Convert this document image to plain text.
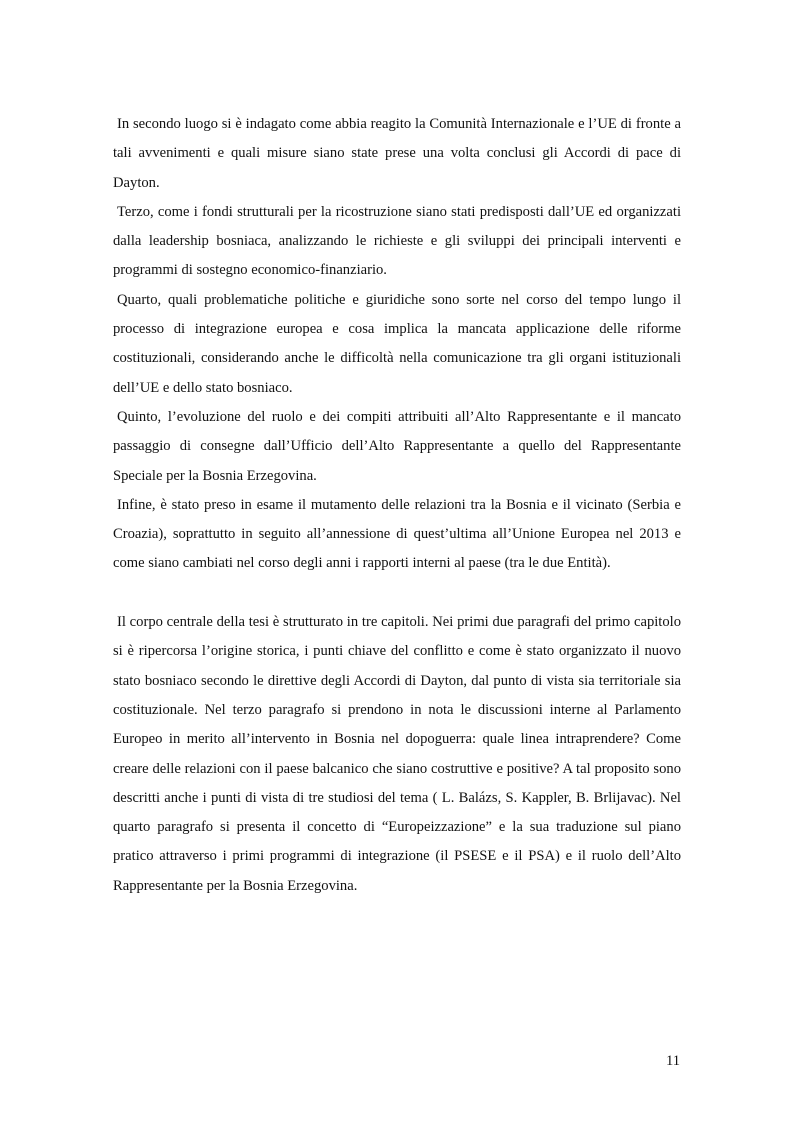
In secondo luogo si è indagato come abbia reagito la Comunità Internazionale e l’UE di fronte a tali avvenimenti e quali misure siano state prese una volta conclusi gli Accordi di pace di Dayton.

Terzo, come i fondi strutturali per la ricostruzione siano stati predisposti dall’UE ed organizzati dalla leadership bosniaca, analizzando le richieste e gli sviluppi dei principali interventi e programmi di sostegno economico-finanziario.

Quarto, quali problematiche politiche e giuridiche sono sorte nel corso del tempo lungo il processo di integrazione europea e cosa implica la mancata applicazione delle riforme costituzionali, considerando anche le difficoltà nella comunicazione tra gli organi istituzionali dell’UE e dello stato bosniaco.

Quinto, l’evoluzione del ruolo e dei compiti attribuiti all’Alto Rappresentante e il mancato passaggio di consegne dall’Ufficio dell’Alto Rappresentante a quello del Rappresentante Speciale per la Bosnia Erzegovina.

Infine, è stato preso in esame il mutamento delle relazioni tra la Bosnia e il vicinato (Serbia e Croazia), soprattutto in seguito all’annessione di quest’ultima all’Unione Europea nel 2013 e come siano cambiati nel corso degli anni i rapporti interni al paese (tra le due Entità).

Il corpo centrale della tesi è strutturato in tre capitoli. Nei primi due paragrafi del primo capitolo si è ripercorsa l’origine storica, i punti chiave del conflitto e come è stato organizzato il nuovo stato bosniaco secondo le direttive degli Accordi di Dayton, dal punto di vista sia territoriale sia costituzionale. Nel terzo paragrafo si prendono in nota le discussioni interne al Parlamento Europeo in merito all’intervento in Bosnia nel dopoguerra: quale linea intraprendere? Come creare delle relazioni con il paese balcanico che siano costruttive e positive? A tal proposito sono descritti anche i punti di vista di tre studiosi del tema ( L. Balázs, S. Kappler, B. Brlijavac). Nel quarto paragrafo si presenta il concetto di “Europeizzazione” e la sua traduzione sul piano pratico attraverso i primi programmi di integrazione (il PSESE e il PSA) e il ruolo dell’Alto Rappresentante per la Bosnia Erzegovina.

11
